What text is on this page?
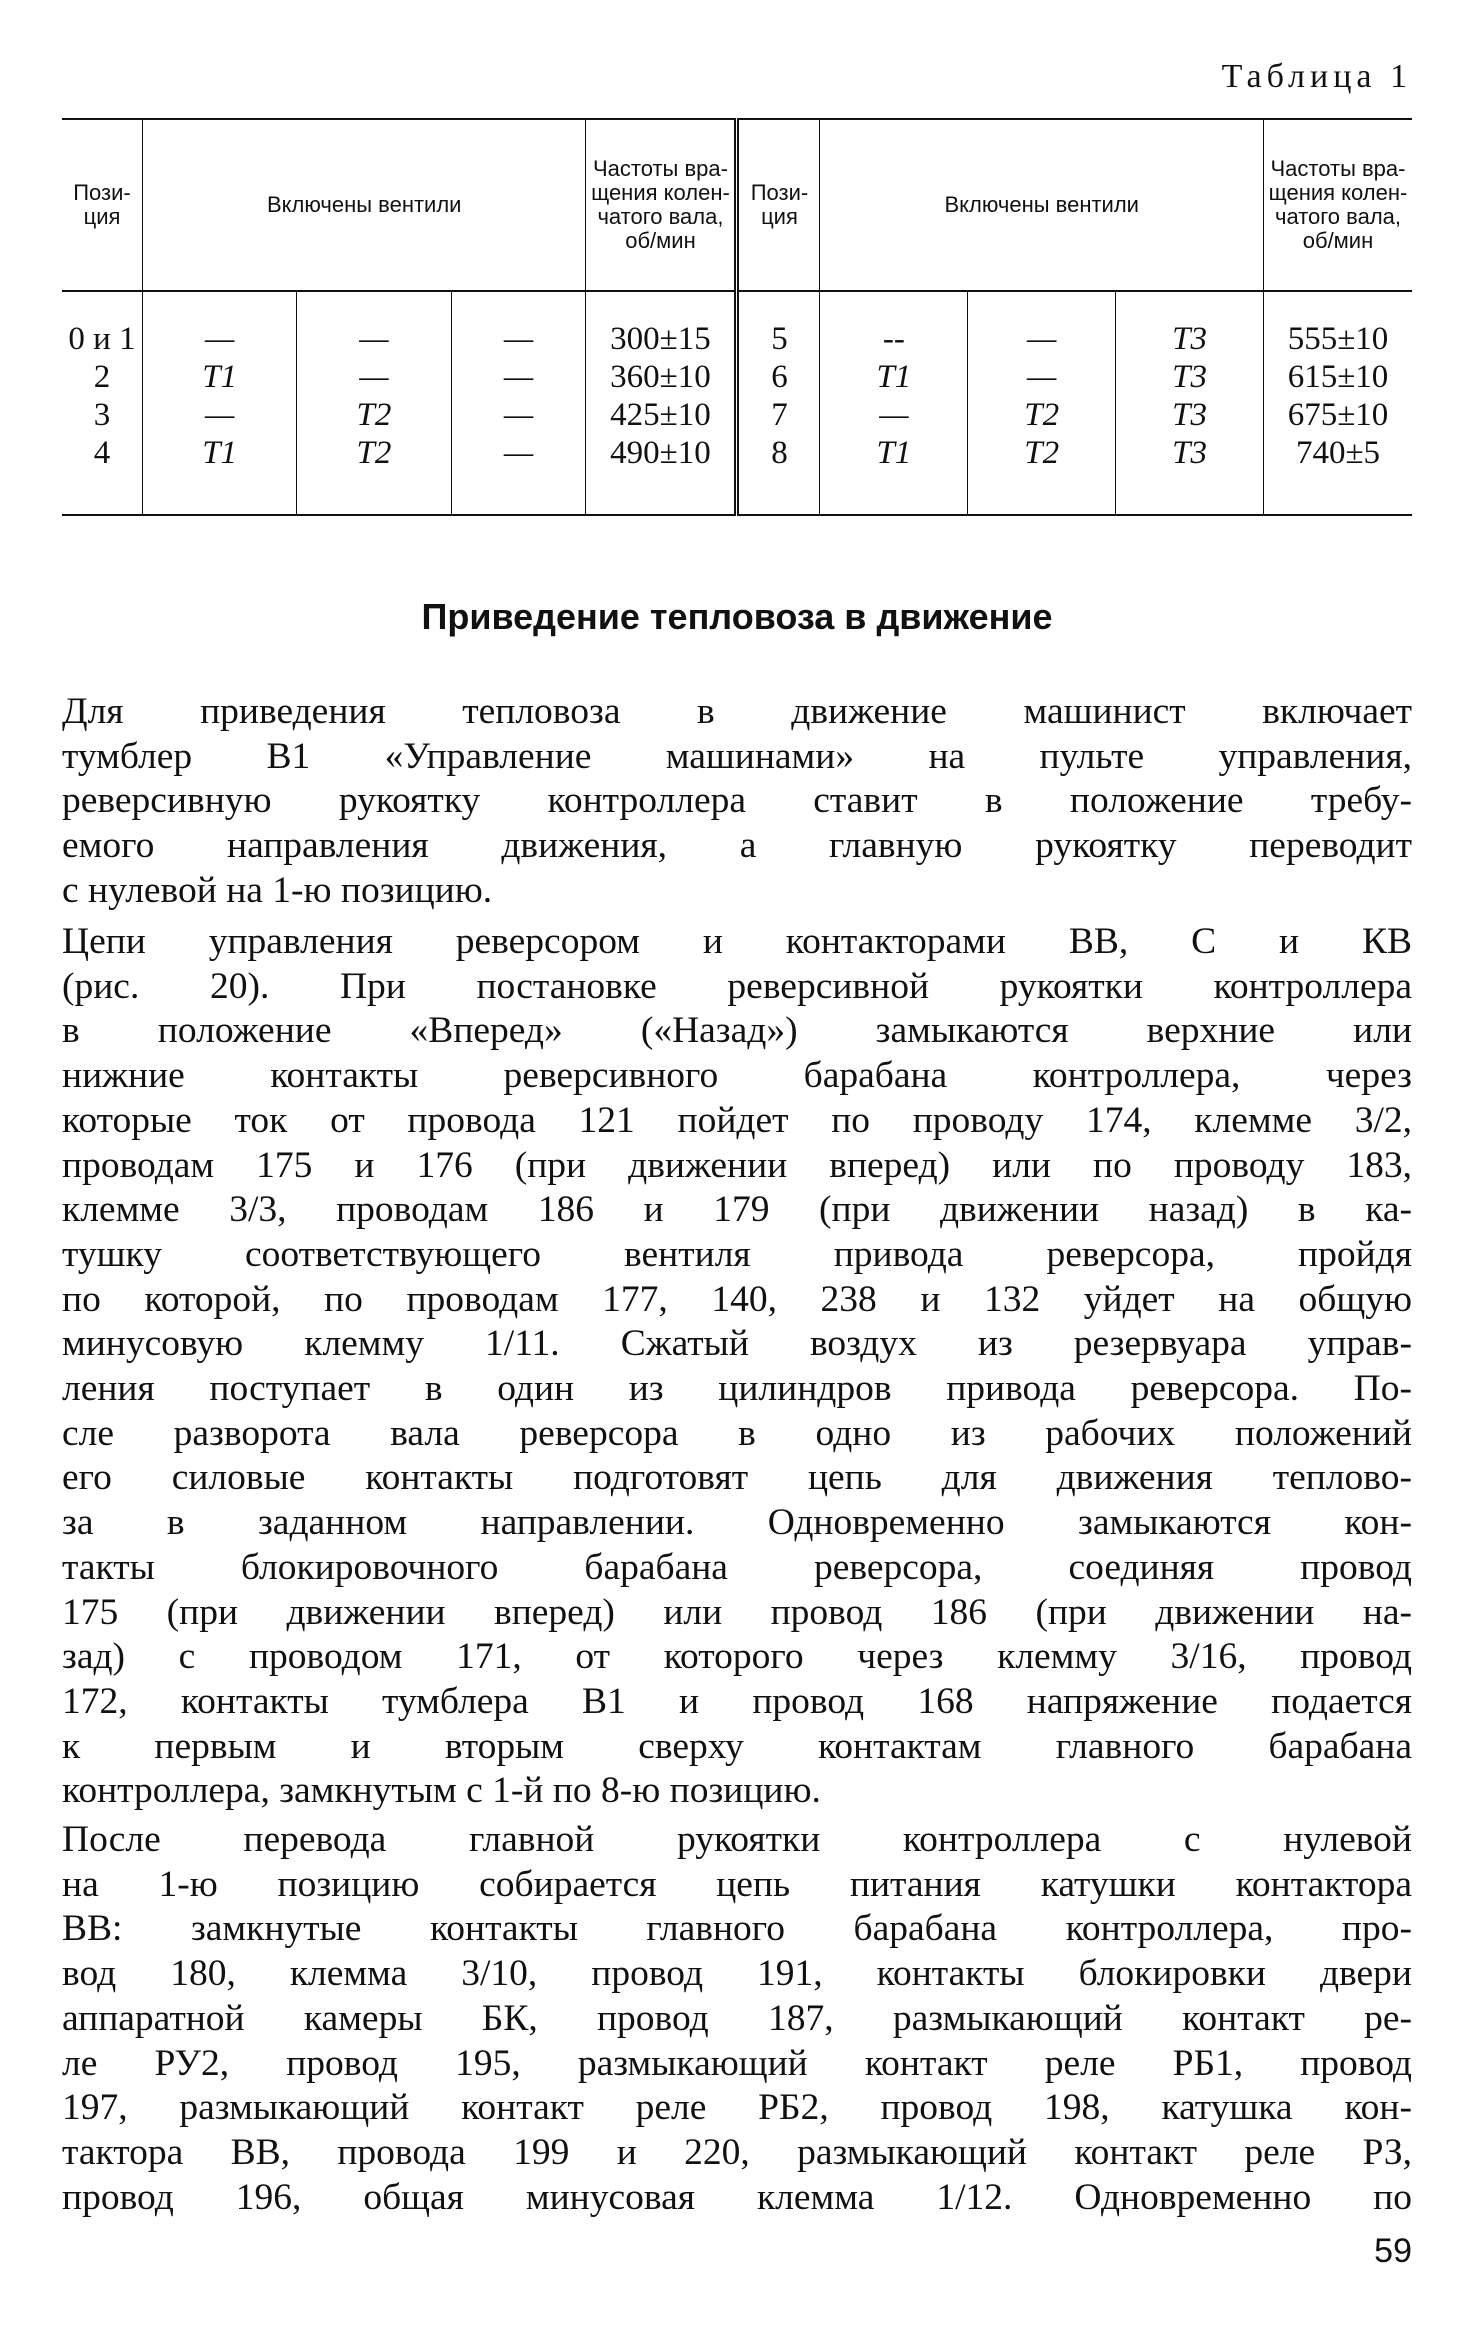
Таблица 1
Пози-ция	Включены вентили			Частоты вра-щения колен-чатого вала, об/мин	Пози-ция	Включены вентили			Частоты вра-щения колен-чатого вала, об/мин
0 и 1	—	—	—	300±15	5	--	—	Т3	555±10
2	Т1	—	—	360±10	6	Т1	—	Т3	615±10
3	—	Т2	—	425±10	7	—	Т2	Т3	675±10
4	Т1	Т2	—	490±10	8	Т1	Т2	Т3	740±5
Приведение тепловоза в движение
Для приведения тепловоза в движение машинист включает
тумблер В1 «Управление машинами» на пульте управления,
реверсивную рукоятку контроллера ставит в положение требу-
емого направления движения, а главную рукоятку переводит
с нулевой на 1-ю позицию.
Цепи управления реверсором и контакторами ВВ, С и КВ
(рис. 20). При постановке реверсивной рукоятки контроллера
в положение «Вперед» («Назад») замыкаются верхние или
нижние контакты реверсивного барабана контроллера, через
которые ток от провода 121 пойдет по проводу 174, клемме 3/2,
проводам 175 и 176 (при движении вперед) или по проводу 183,
клемме 3/3, проводам 186 и 179 (при движении назад) в ка-
тушку соответствующего вентиля привода реверсора, пройдя
по которой, по проводам 177, 140, 238 и 132 уйдет на общую
минусовую клемму 1/11. Сжатый воздух из резервуара управ-
ления поступает в один из цилиндров привода реверсора. По-
сле разворота вала реверсора в одно из рабочих положений
его силовые контакты подготовят цепь для движения теплово-
за в заданном направлении. Одновременно замыкаются кон-
такты блокировочного барабана реверсора, соединяя провод
175 (при движении вперед) или провод 186 (при движении на-
зад) с проводом 171, от которого через клемму 3/16, провод
172, контакты тумблера В1 и провод 168 напряжение подается
к первым и вторым сверху контактам главного барабана
контроллера, замкнутым с 1-й по 8-ю позицию.
После перевода главной рукоятки контроллера с нулевой
на 1-ю позицию собирается цепь питания катушки контактора
ВВ: замкнутые контакты главного барабана контроллера, про-
вод 180, клемма 3/10, провод 191, контакты блокировки двери
аппаратной камеры БК, провод 187, размыкающий контакт ре-
ле РУ2, провод 195, размыкающий контакт реле РБ1, провод
197, размыкающий контакт реле РБ2, провод 198, катушка кон-
тактора ВВ, провода 199 и 220, размыкающий контакт реле РЗ,
провод 196, общая минусовая клемма 1/12. Одновременно по
59
